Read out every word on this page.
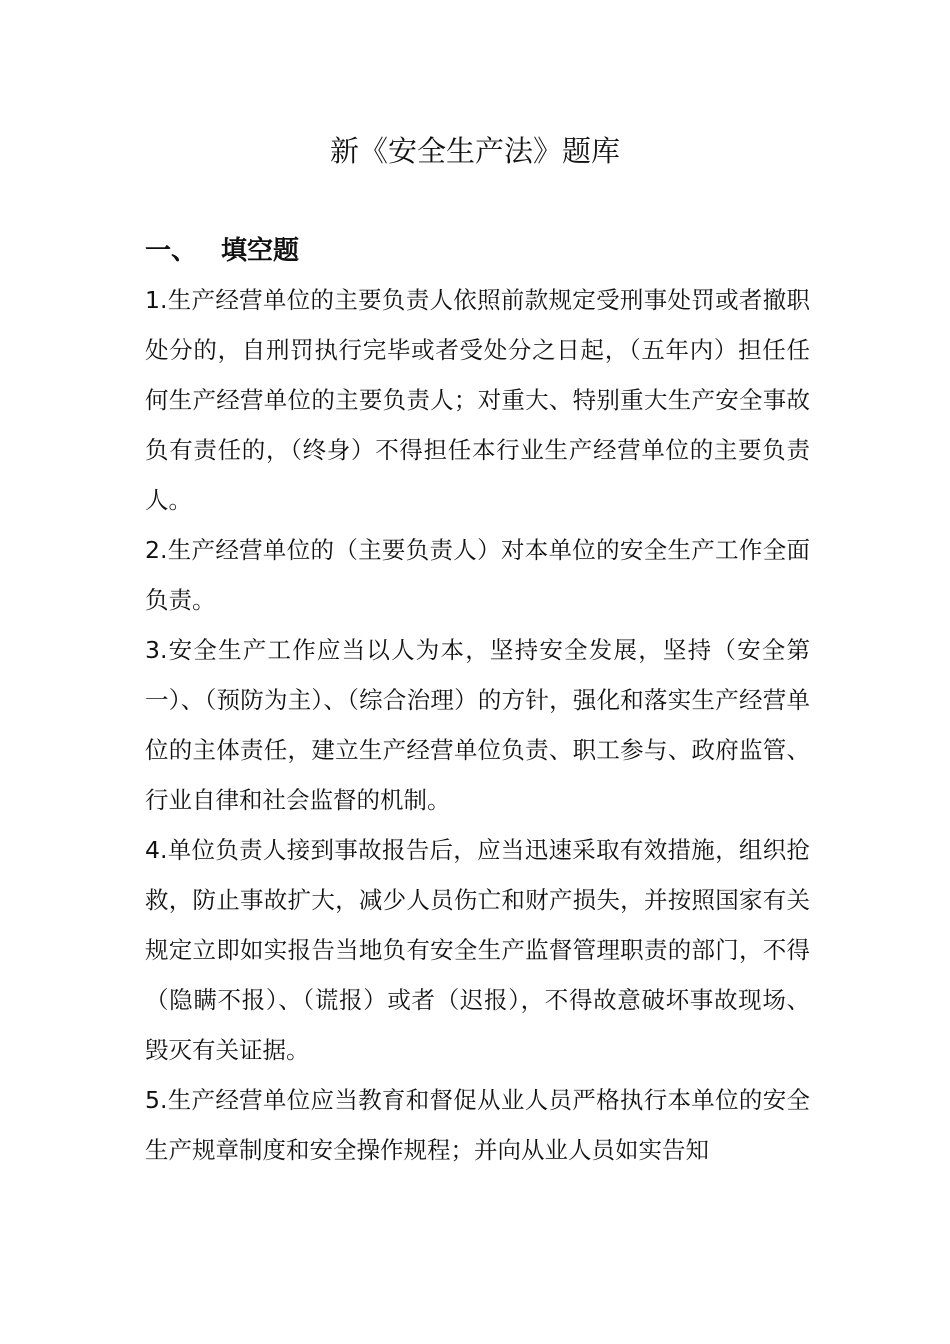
新《安全生产法》题库
一、 填空题

1.生产经营单位的主要负责人依照前款规定受刑事处罚或者撤职处分的，自刑罚执行完毕或者受处分之日起，（五年内）担任任何生产经营单位的主要负责人；对重大、特别重大生产安全事故负有责任的，（终身）不得担任本行业生产经营单位的主要负责人。

2.生产经营单位的（主要负责人）对本单位的安全生产工作全面负责。

3.安全生产工作应当以人为本，坚持安全发展，坚持（安全第一）、（预防为主）、（综合治理）的方针，强化和落实生产经营单位的主体责任，建立生产经营单位负责、职工参与、政府监管、行业自律和社会监督的机制。

4.单位负责人接到事故报告后，应当迅速采取有效措施，组织抢救，防止事故扩大，减少人员伤亡和财产损失，并按照国家有关规定立即如实报告当地负有安全生产监督管理职责的部门，不得（隐瞒不报）、（谎报）或者（迟报），不得故意破坏事故现场、毁灭有关证据。

5.生产经营单位应当教育和督促从业人员严格执行本单位的安全生产规章制度和安全操作规程；并向从业人员如实告知
